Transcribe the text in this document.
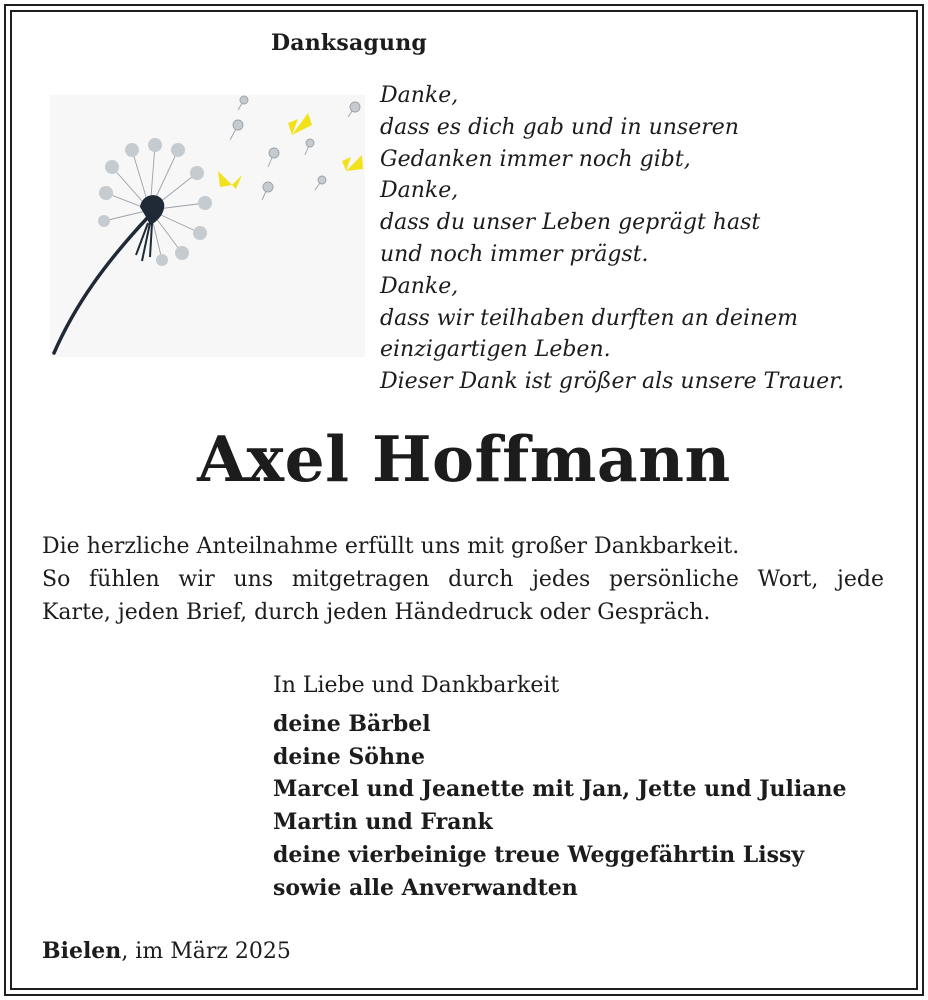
Danksagung
Danke,
dass es dich gab und in unseren
Gedanken immer noch gibt,
Danke,
dass du unser Leben geprägt hast
und noch immer prägst.
Danke,
dass wir teilhaben durften an deinem
einzigartigen Leben.
Dieser Dank ist größer als unsere Trauer.
Axel Hoffmann
Die herzliche Anteilnahme erfüllt uns mit großer Dankbarkeit.
So fühlen wir uns mitgetragen durch jedes persönliche Wort, jede
Karte, jeden Brief, durch jeden Händedruck oder Gespräch.
In Liebe und Dankbarkeit
deine Bärbel
deine Söhne
Marcel und Jeanette mit Jan, Jette und Juliane
Martin und Frank
deine vierbeinige treue Weggefährtin Lissy
sowie alle Anverwandten
Bielen, im März 2025
